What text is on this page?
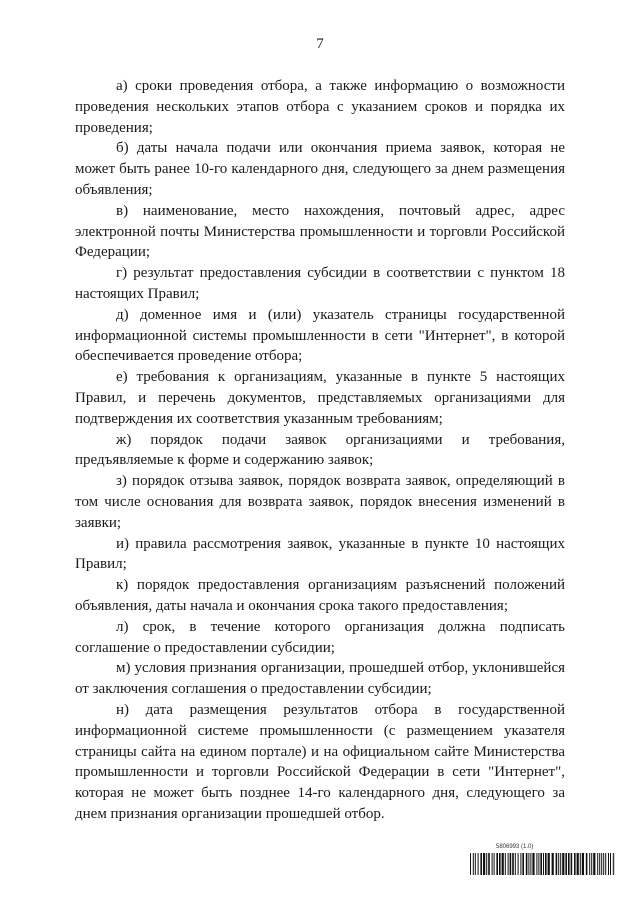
7

а) сроки проведения отбора, а также информацию о возможности проведения нескольких этапов отбора с указанием сроков и порядка их проведения;

б) даты начала подачи или окончания приема заявок, которая не может быть ранее 10-го календарного дня, следующего за днем размещения объявления;

в) наименование, место нахождения, почтовый адрес, адрес электронной почты Министерства промышленности и торговли Российской Федерации;

г) результат предоставления субсидии в соответствии с пунктом 18 настоящих Правил;

д) доменное имя и (или) указатель страницы государственной информационной системы промышленности в сети "Интернет", в которой обеспечивается проведение отбора;

е) требования к организациям, указанные в пункте 5 настоящих Правил, и перечень документов, представляемых организациями для подтверждения их соответствия указанным требованиям;

ж) порядок подачи заявок организациями и требования, предъявляемые к форме и содержанию заявок;

з) порядок отзыва заявок, порядок возврата заявок, определяющий в том числе основания для возврата заявок, порядок внесения изменений в заявки;

и) правила рассмотрения заявок, указанные в пункте 10 настоящих Правил;

к) порядок предоставления организациям разъяснений положений объявления, даты начала и окончания срока такого предоставления;

л) срок, в течение которого организация должна подписать соглашение о предоставлении субсидии;

м) условия признания организации, прошедшей отбор, уклонившейся от заключения соглашения о предоставлении субсидии;

н) дата размещения результатов отбора в государственной информационной системе промышленности (с размещением указателя страницы сайта на едином портале) и на официальном сайте Министерства промышленности и торговли Российской Федерации в сети "Интернет", которая не может быть позднее 14-го календарного дня, следующего за днем признания организации прошедшей отбор.

5806993 (1.0)
